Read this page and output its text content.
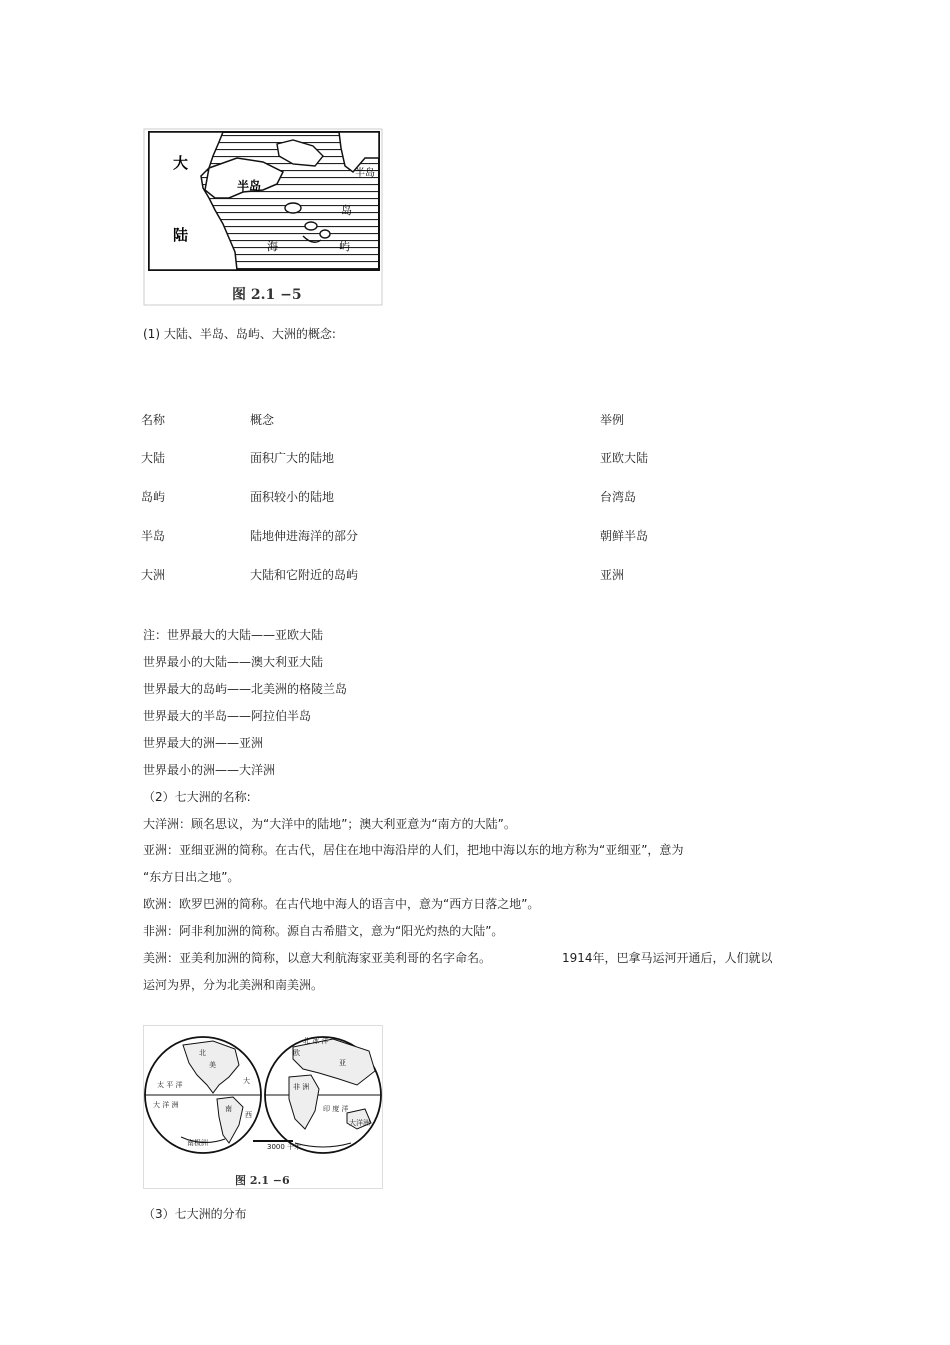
大
陆
半岛
岛
屿
半岛
海
图 2.1 −5
(1) 大陆、半岛、岛屿、大洲的概念:
名称	概念	举例
大陆	面积广大的陆地	亚欧大陆
岛屿	面积较小的陆地	台湾岛
半岛	陆地伸进海洋的部分	朝鲜半岛
大洲	大陆和它附近的岛屿	亚洲
注：世界最大的大陆——亚欧大陆
世界最小的大陆——澳大利亚大陆
世界最大的岛屿——北美洲的格陵兰岛
世界最大的半岛——阿拉伯半岛
世界最大的洲——亚洲
世界最小的洲——大洋洲
（2）七大洲的名称:
大洋洲：顾名思议，为“大洋中的陆地”；澳大利亚意为“南方的大陆”。
亚洲：亚细亚洲的简称。在古代，居住在地中海沿岸的人们，把地中海以东的地方称为“亚细亚”，意为
“东方日出之地”。
欧洲：欧罗巴洲的简称。在古代地中海人的语言中，意为“西方日落之地”。
非洲：阿非利加洲的简称。源自古希腊文，意为“阳光灼热的大陆”。
美洲：亚美利加洲的简称，以意大利航海家亚美利哥的名字命名。	1914年，巴拿马运河开通后，人们就以
运河为界，分为北美洲和南美洲。
北
美
太 平 洋
大 洋 洲	南
大
西
南极洲
亚
非 洲
印 度 洋
大洋洲
欧
北 冰 洋
3000 千米
图 2.1 −6
（3）七大洲的分布
